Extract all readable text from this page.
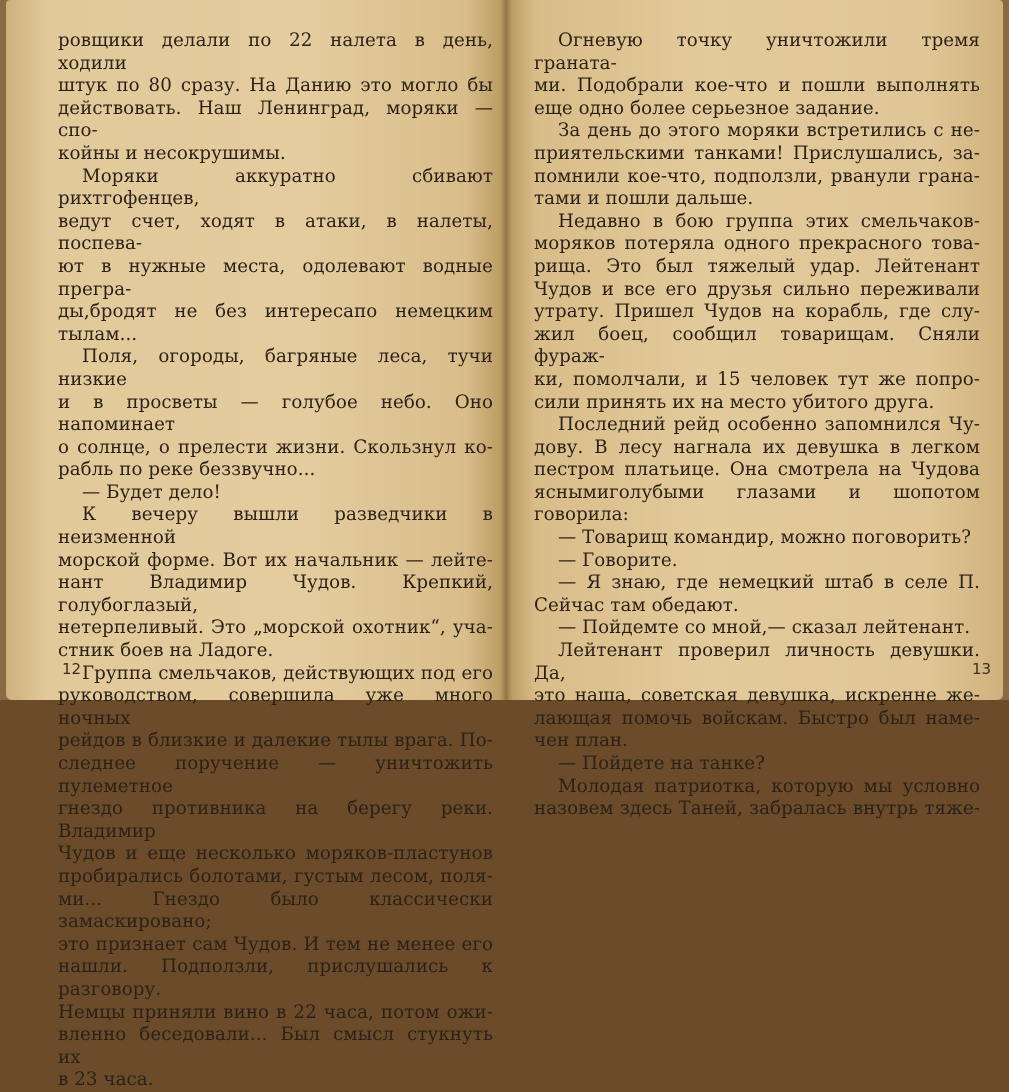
ровщики делали по 22 налета в день, ходили

штук по 80 сразу. На Данию это могло бы

действовать. Наш Ленинград, моряки — спо-

койны и несокрушимы.

Моряки аккуратно сбивают рихтгофенцев,

ведут счет, ходят в атаки, в налеты, поспева-

ют в нужные места, одолевают водные прегра-

ды,бродят не без интересапо немецким тылам...

Поля, огороды, багряные леса, тучи низкие

и в просветы — голубое небо. Оно напоминает

о солнце, о прелести жизни. Скользнул ко-

рабль по реке беззвучно...

— Будет дело!

К вечеру вышли разведчики в неизменной

морской форме. Вот их начальник — лейте-

нант Владимир Чудов. Крепкий, голубоглазый,

нетерпеливый. Это „морской охотник“, уча-

стник боев на Ладоге.

Группа смельчаков, действующих под его

руководством, совершила уже много ночных

рейдов в близкие и далекие тылы врага. По-

следнее поручение — уничтожить пулеметное

гнездо противника на берегу реки. Владимир

Чудов и еще несколько моряков-пластунов

пробирались болотами, густым лесом, поля-

ми... Гнездо было классически замаскировано;

это признает сам Чудов. И тем не менее его

нашли. Подползли, прислушались к разговору.

Немцы приняли вино в 22 часа, потом ожи-

вленно беседовали... Был смысл стукнуть их

в 23 часа.

12

Огневую точку уничтожили тремя граната-

ми. Подобрали кое-что и пошли выполнять

еще одно более серьезное задание.

За день до этого моряки встретились с не-

приятельскими танками! Прислушались, за-

помнили кое-что, подползли, рванули грана-

тами и пошли дальше.

Недавно в бою группа этих смельчаков-

моряков потеряла одного прекрасного това-

рища. Это был тяжелый удар. Лейтенант

Чудов и все его друзья сильно переживали

утрату. Пришел Чудов на корабль, где слу-

жил боец, сообщил товарищам. Сняли фураж-

ки, помолчали, и 15 человек тут же попро-

сили принять их на место убитого друга.

Последний рейд особенно запомнился Чу-

дову. В лесу нагнала их девушка в легком

пестром платьице. Она смотрела на Чудова

яснымиголубыми глазами и шопотом говорила:

— Товарищ командир, можно поговорить?

— Говорите.

— Я знаю, где немецкий штаб в селе П.

Сейчас там обедают.

— Пойдемте со мной,— сказал лейтенант.

Лейтенант проверил личность девушки. Да,

это наша, советская девушка, искренне же-

лающая помочь войскам. Быстро был наме-

чен план.

— Пойдете на танке?

Молодая патриотка, которую мы условно

назовем здесь Таней, забралась внутрь тяже-

13
